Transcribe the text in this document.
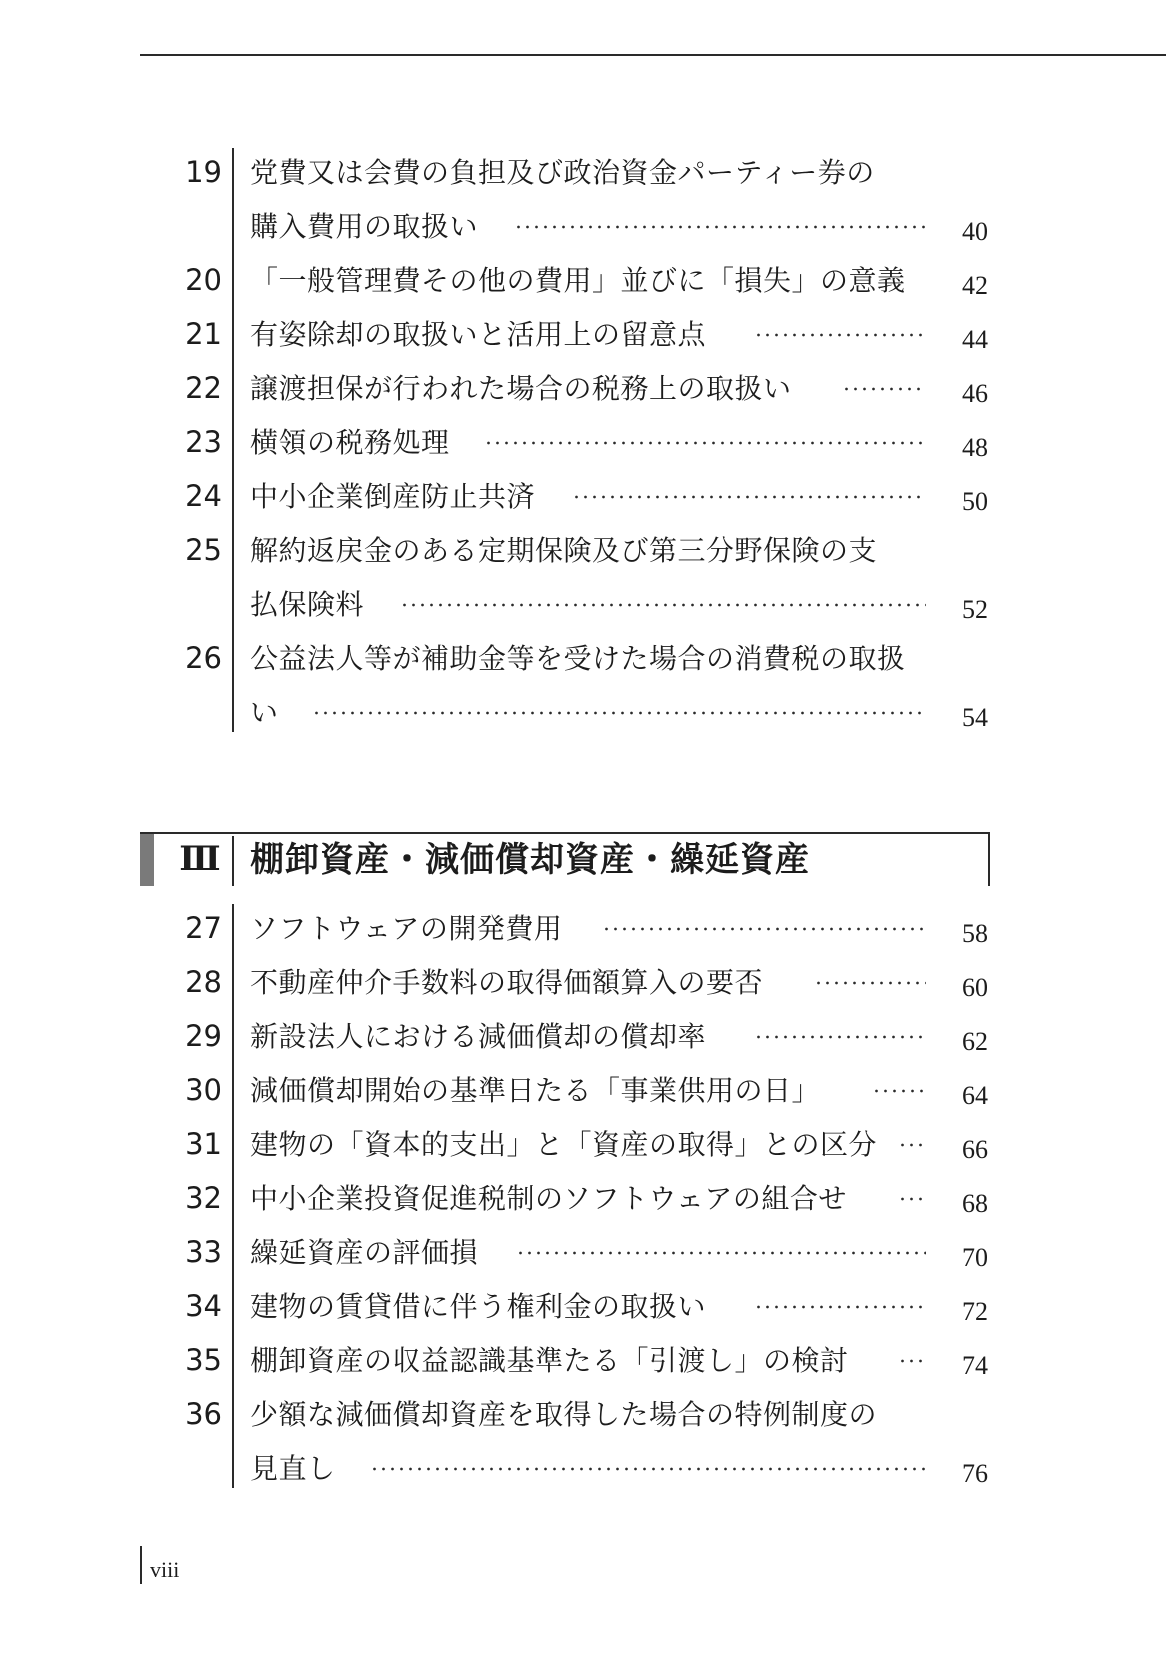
19 党費又は会費の負担及び政治資金パーティー券の
購入費用の取扱い	40
20 「一般管理費その他の費用」並びに「損失」の意義	42
21 有姿除却の取扱いと活用上の留意点	44
22 譲渡担保が行われた場合の税務上の取扱い	46
23 横領の税務処理	48
24 中小企業倒産防止共済	50
25 解約返戻金のある定期保険及び第三分野保険の支
払保険料	52
26 公益法人等が補助金等を受けた場合の消費税の取扱
い	54
Ⅲ 棚卸資産・減価償却資産・繰延資産
27 ソフトウェアの開発費用	58
28 不動産仲介手数料の取得価額算入の要否	60
29 新設法人における減価償却の償却率	62
30 減価償却開始の基準日たる「事業供用の日」	64
31 建物の「資本的支出」と「資産の取得」との区分	66
32 中小企業投資促進税制のソフトウェアの組合せ	68
33 繰延資産の評価損	70
34 建物の賃貸借に伴う権利金の取扱い	72
35 棚卸資産の収益認識基準たる「引渡し」の検討	74
36 少額な減価償却資産を取得した場合の特例制度の
見直し	76
viii
